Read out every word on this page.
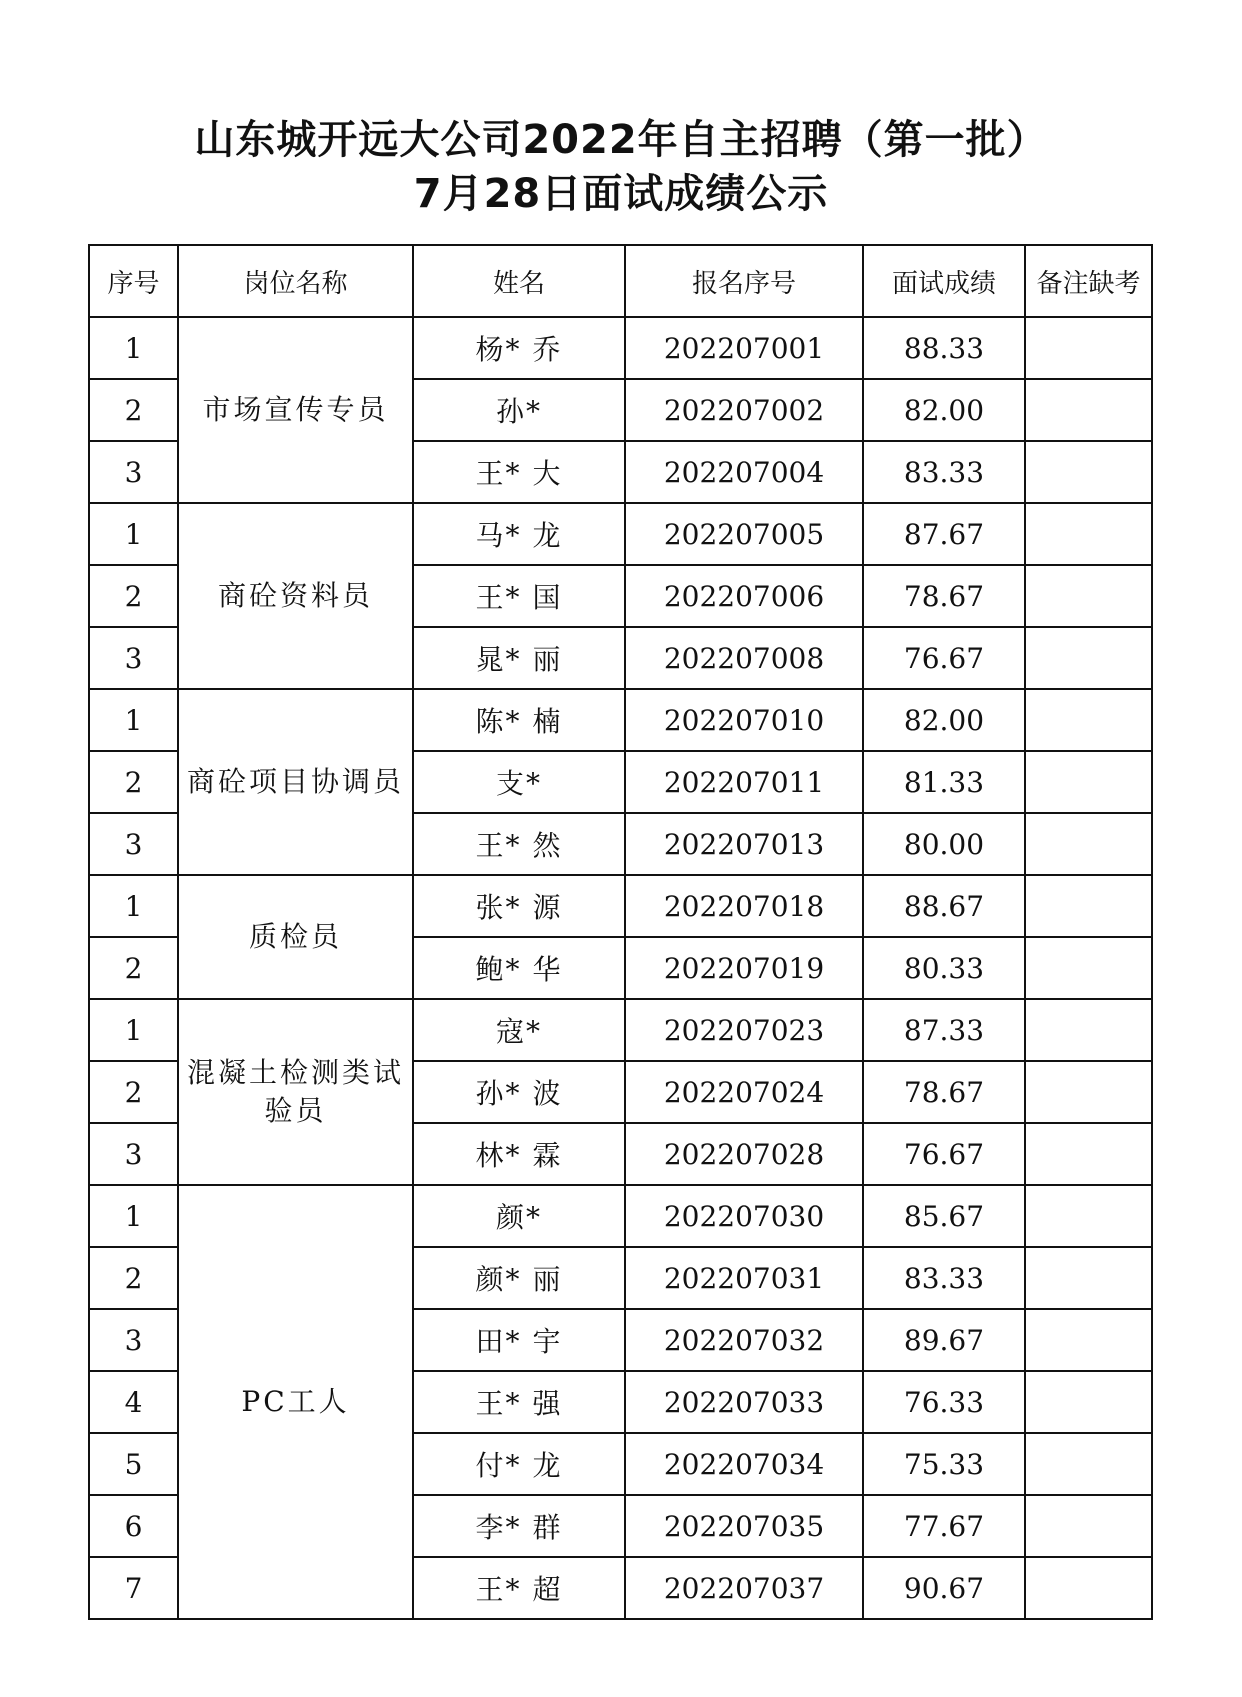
山东城开远大公司2022年自主招聘（第一批）
7月28日面试成绩公示
序号	岗位名称	姓名	报名序号	面试成绩	备注缺考
1	市场宣传专员	杨* 乔	202207001	88.33	
2		孙*	202207002	82.00	
3		王* 大	202207004	83.33	
1	商砼资料员	马* 龙	202207005	87.67	
2		王* 国	202207006	78.67	
3		晁* 丽	202207008	76.67	
1	商砼项目协调员	陈* 楠	202207010	82.00	
2		支*	202207011	81.33	
3		王* 然	202207013	80.00	
1	质检员	张* 源	202207018	88.67	
2		鲍* 华	202207019	80.33	
1	混凝土检测类试验员	寇*	202207023	87.33	
2		孙* 波	202207024	78.67	
3		林* 霖	202207028	76.67	
1	PC工人	颜*	202207030	85.67	
2		颜* 丽	202207031	83.33	
3		田* 宇	202207032	89.67	
4		王* 强	202207033	76.33	
5		付* 龙	202207034	75.33	
6		李* 群	202207035	77.67	
7		王* 超	202207037	90.67	
